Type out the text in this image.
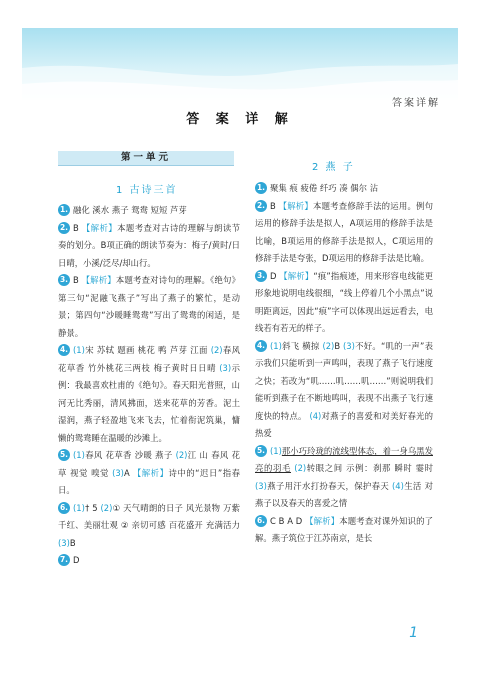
答案详解
答 案 详 解
第一单元
1 古诗三首
2 燕 子

1. 融化 溪水 燕子 鸳鸯 短短 芦芽

2. B 【解析】本题考查对古诗的理解与朗读节奏的划分。B项正确的朗读节奏为：梅子/黄时/日日晴，小溪/泛尽/却山行。

3. B 【解析】本题考查对诗句的理解。《绝句》第三句“泥融飞燕子”写出了燕子的繁忙，是动景；第四句“沙暖睡鸳鸯”写出了鸳鸯的闲适，是静景。

4. (1)宋 苏轼 题画 桃花 鸭 芦芽 江面 (2)春风花草香 竹外桃花三两枝 梅子黄时日日晴 (3)示例：我最喜欢杜甫的《绝句》。春天阳光普照，山河无比秀丽，清风拂面，送来花草的芳香。泥土湿润，燕子轻盈地飞来飞去，忙着衔泥筑巢，慵懒的鸳鸯睡在温暖的沙滩上。

5. (1)春风 花草香 沙暖 燕子 (2)江 山 春风 花草 视觉 嗅觉 (3)A 【解析】诗中的“迟日”指春日。

6. (1)† 5 (2)① 天气晴朗的日子 风光景物 万紫千红、美丽壮观 ② 亲切可感 百花盛开 充满活力 (3)B

7. D

1. 聚集 痕 疲倦 纤巧 凑 偶尔 沾

2. B 【解析】本题考查修辞手法的运用。例句运用的修辞手法是拟人，A项运用的修辞手法是比喻，B项运用的修辞手法是拟人，C项运用的修辞手法是夸张，D项运用的修辞手法是比喻。

3. D 【解析】“痕”指痕迹，用来形容电线能更形象地说明电线很细，“线上停着几个小黑点”说明距离远，因此“痕”字可以体现出远远看去，电线若有若无的样子。

4. (1)斜飞 横掠 (2)B (3)不好。“叽的一声”表示我们只能听到一声鸣叫，表现了燕子飞行速度之快；若改为“叽……叽……叽……”则说明我们能听到燕子在不断地鸣叫，表现不出燕子飞行速度快的特点。 (4)对燕子的喜爱和对美好春光的热爱

5. (1)那小巧玲珑的流线型体态，着一身乌黑发亮的羽毛 (2)转眼之间 示例：刹那 瞬时 霎时 (3)燕子用汗水打扮春天，保护春天 (4)生活 对燕子以及春天的喜爱之情

6. C B A D 【解析】本题考查对课外知识的了解。燕子筑位于江苏南京，是长

1
